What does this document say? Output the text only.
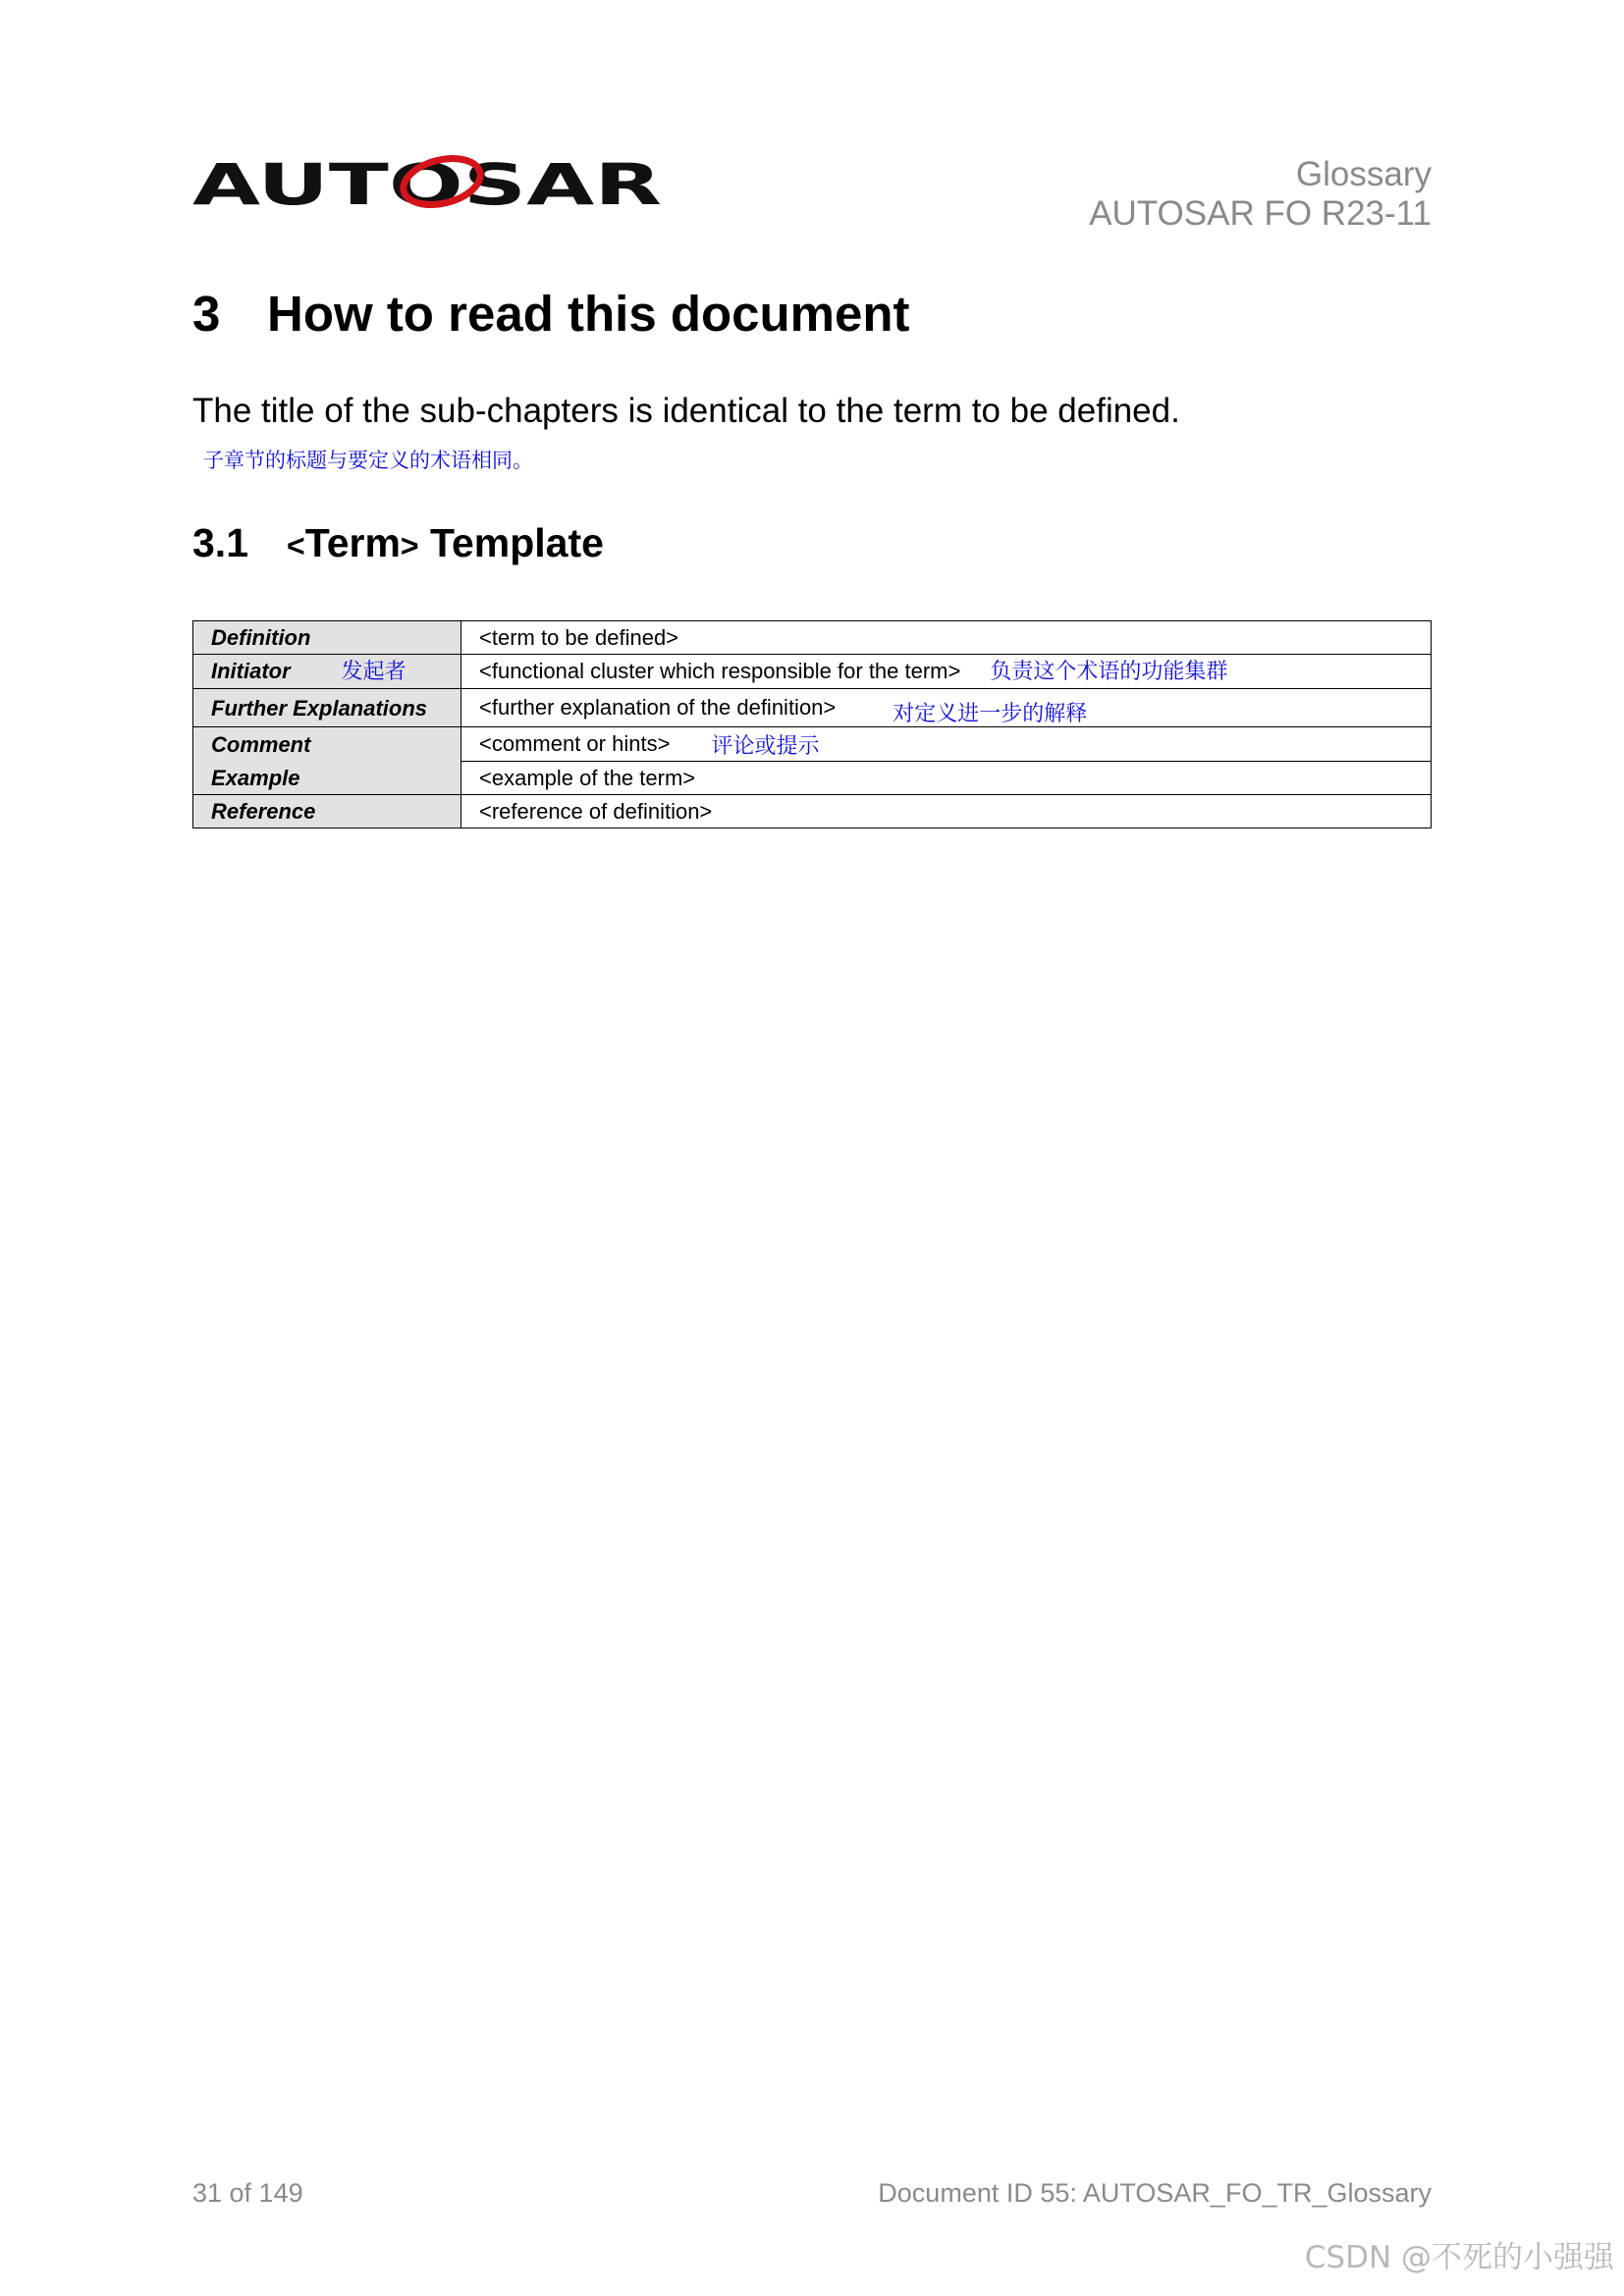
AUTOSAR	Glossary
AUTOSAR FO R23-11
3 How to read this document
The title of the sub-chapters is identical to the term to be defined.
子章节的标题与要定义的术语相同。
3.1 <Term> Template
Definition	<term to be defined>
Initiator 发起者	<functional cluster which responsible for the term> 负责这个术语的功能集群
Further Explanations	<further explanation of the definition> 对定义进一步的解释
Comment	<comment or hints> 评论或提示
Example	<example of the term>
Reference	<reference of definition>
31 of 149	Document ID 55: AUTOSAR_FO_TR_Glossary
CSDN @不死的小强强
